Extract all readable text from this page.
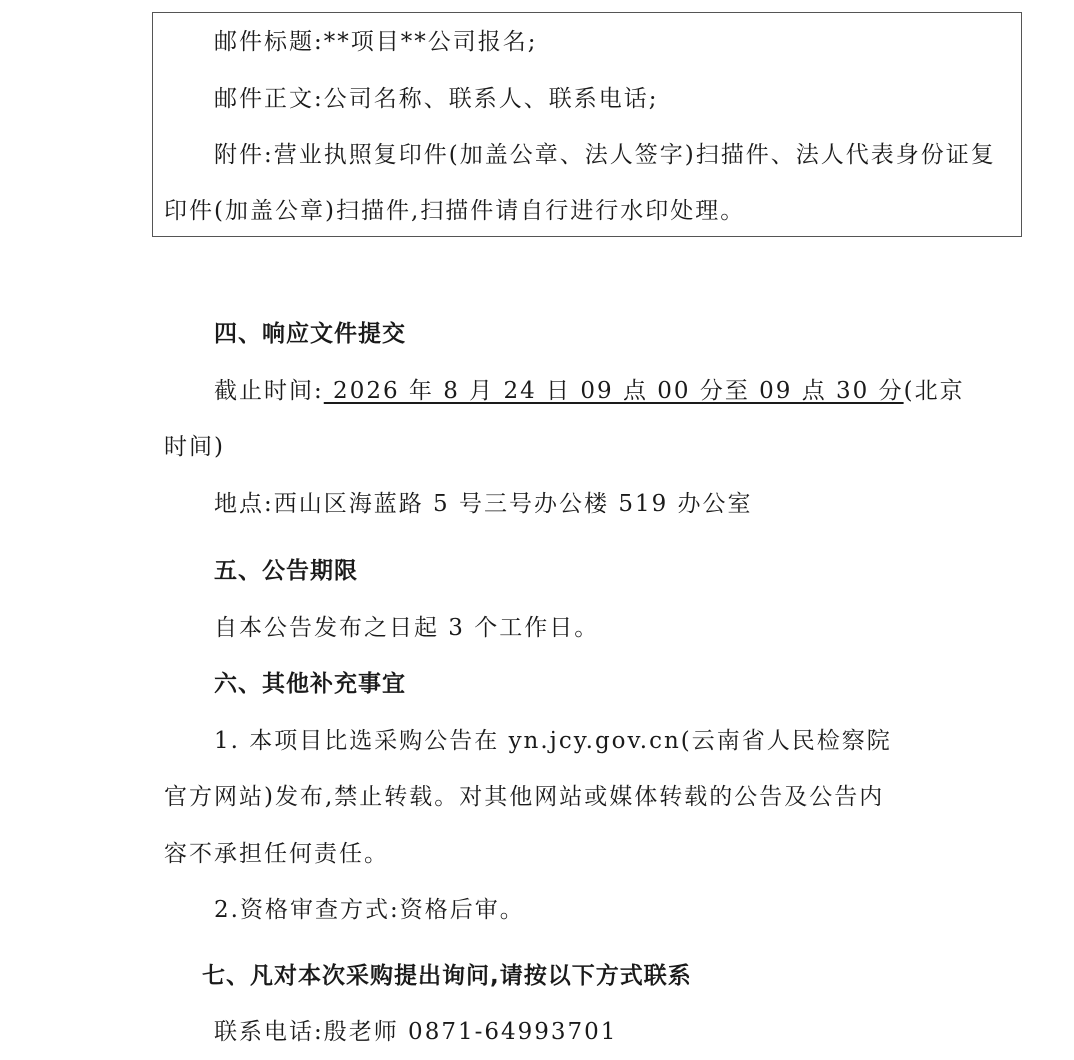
邮件标题:**项目**公司报名;
邮件正文:公司名称、联系人、联系电话;
附件:营业执照复印件(加盖公章、法人签字)扫描件、法人代表身份证复
印件(加盖公章)扫描件,扫描件请自行进行水印处理。
四、响应文件提交
截止时间: 2026 年 8 月 24 日 09 点 00 分至 09 点 30 分(北京
时间)
地点:西山区海蓝路 5 号三号办公楼 519 办公室
五、公告期限
自本公告发布之日起 3 个工作日。
六、其他补充事宜
1. 本项目比选采购公告在 yn.jcy.gov.cn(云南省人民检察院
官方网站)发布,禁止转载。对其他网站或媒体转载的公告及公告内
容不承担任何责任。
2.资格审查方式:资格后审。
七、凡对本次采购提出询问,请按以下方式联系
联系电话:殷老师 0871-64993701
